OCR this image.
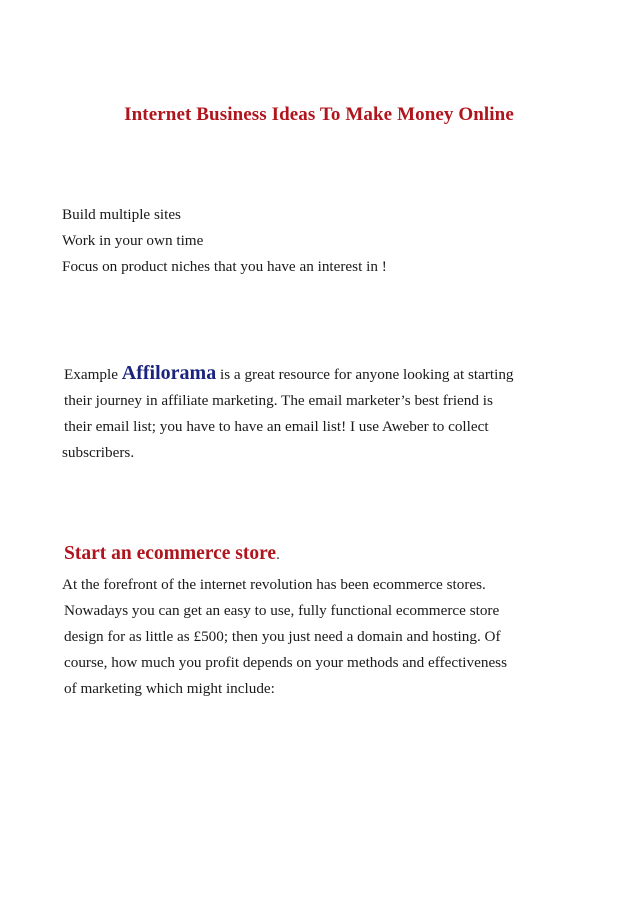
Internet Business Ideas To Make Money Online
Build multiple sites
Work in your own time
Focus on product niches that you have an interest in !
Example Affilorama is a great resource for anyone looking at starting
their journey in affiliate marketing. The email marketer’s best friend is
their email list; you have to have an email list! I use Aweber to collect
subscribers.
Start an ecommerce store.
At the forefront of the internet revolution has been ecommerce stores.
Nowadays you can get an easy to use, fully functional ecommerce store
design for as little as £500; then you just need a domain and hosting. Of
course, how much you profit depends on your methods and effectiveness
of marketing which might include:
